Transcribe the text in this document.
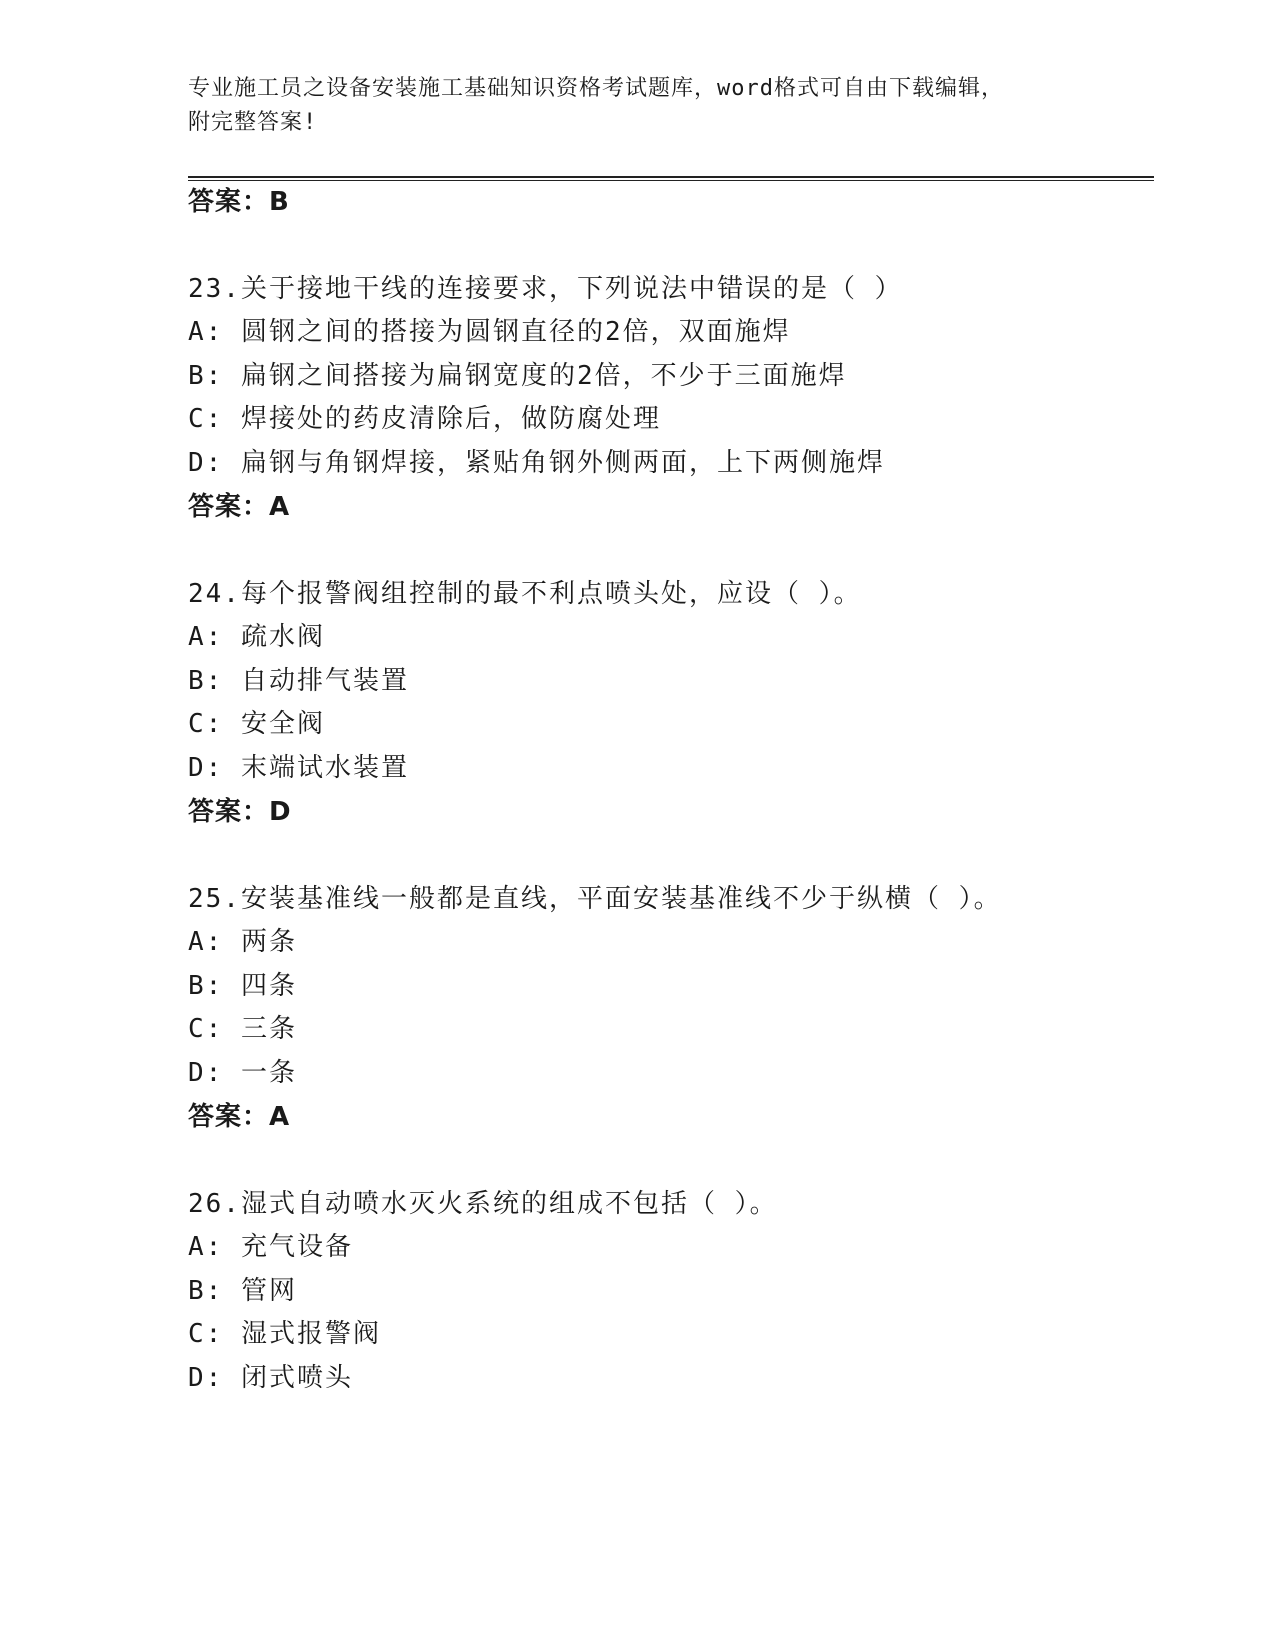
专业施工员之设备安装施工基础知识资格考试题库，word格式可自由下载编辑，
附完整答案!
答案：B
23.关于接地干线的连接要求，下列说法中错误的是（ ）
A: 圆钢之间的搭接为圆钢直径的2倍，双面施焊
B: 扁钢之间搭接为扁钢宽度的2倍，不少于三面施焊
C: 焊接处的药皮清除后，做防腐处理
D: 扁钢与角钢焊接，紧贴角钢外侧两面，上下两侧施焊
答案：A
24.每个报警阀组控制的最不利点喷头处，应设（ ）。
A: 疏水阀
B: 自动排气装置
C: 安全阀
D: 末端试水装置
答案：D
25.安装基准线一般都是直线，平面安装基准线不少于纵横（ ）。
A: 两条
B: 四条
C: 三条
D: 一条
答案：A
26.湿式自动喷水灭火系统的组成不包括（ ）。
A: 充气设备
B: 管网
C: 湿式报警阀
D: 闭式喷头
